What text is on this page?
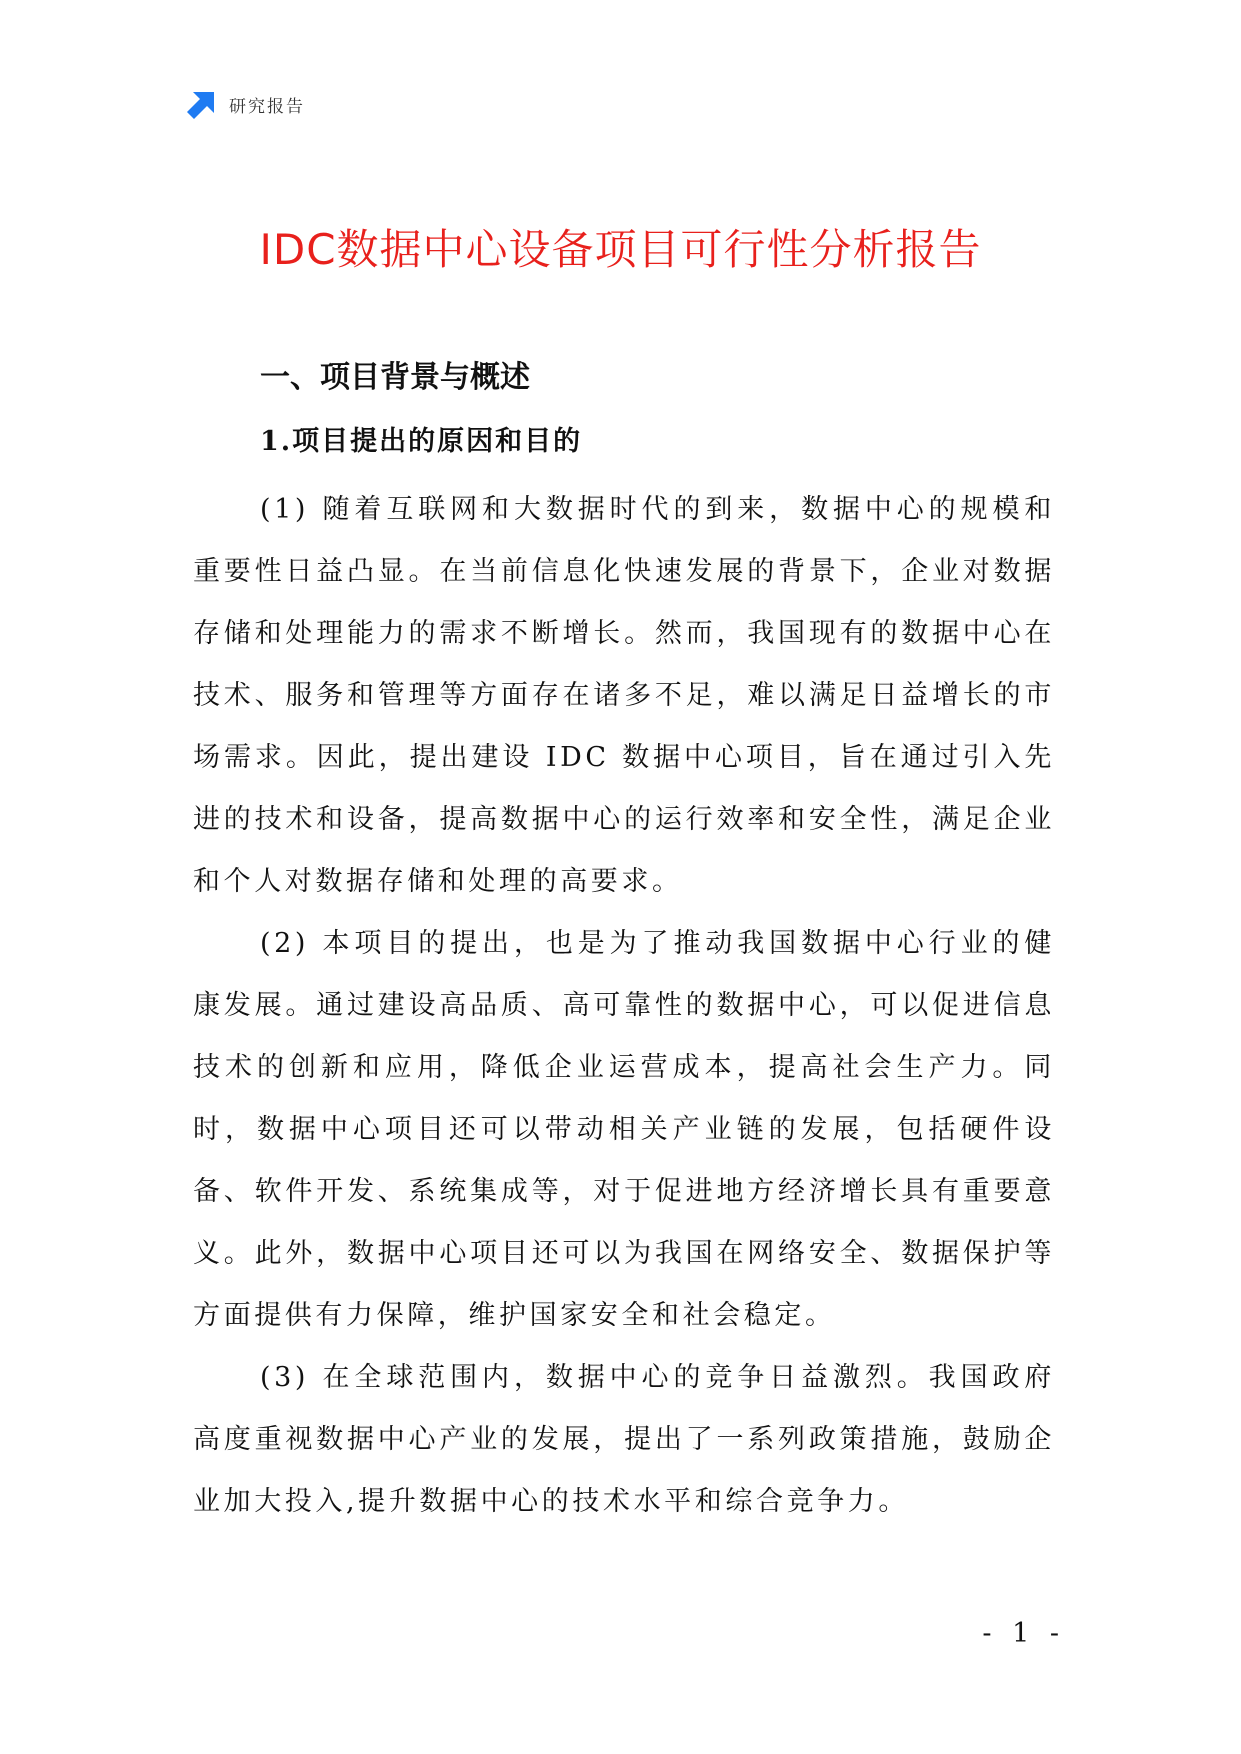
研究报告
IDC数据中心设备项目可行性分析报告
一、项目背景与概述
1.项目提出的原因和目的

(1) 随着互联网和大数据时代的到来，数据中心的规模和重要性日益凸显。在当前信息化快速发展的背景下，企业对数据存储和处理能力的需求不断增长。然而，我国现有的数据中心在技术、服务和管理等方面存在诸多不足，难以满足日益增长的市场需求。因此，提出建设 IDC 数据中心项目，旨在通过引入先进的技术和设备，提高数据中心的运行效率和安全性，满足企业和个人对数据存储和处理的高要求。

(2) 本项目的提出，也是为了推动我国数据中心行业的健康发展。通过建设高品质、高可靠性的数据中心，可以促进信息技术的创新和应用，降低企业运营成本，提高社会生产力。同时，数据中心项目还可以带动相关产业链的发展，包括硬件设备、软件开发、系统集成等，对于促进地方经济增长具有重要意义。此外，数据中心项目还可以为我国在网络安全、数据保护等方面提供有力保障，维护国家安全和社会稳定。

(3) 在全球范围内，数据中心的竞争日益激烈。我国政府高度重视数据中心产业的发展，提出了一系列政策措施，鼓励企业加大投入,提升数据中心的技术水平和综合竞争力。

- 1 -
